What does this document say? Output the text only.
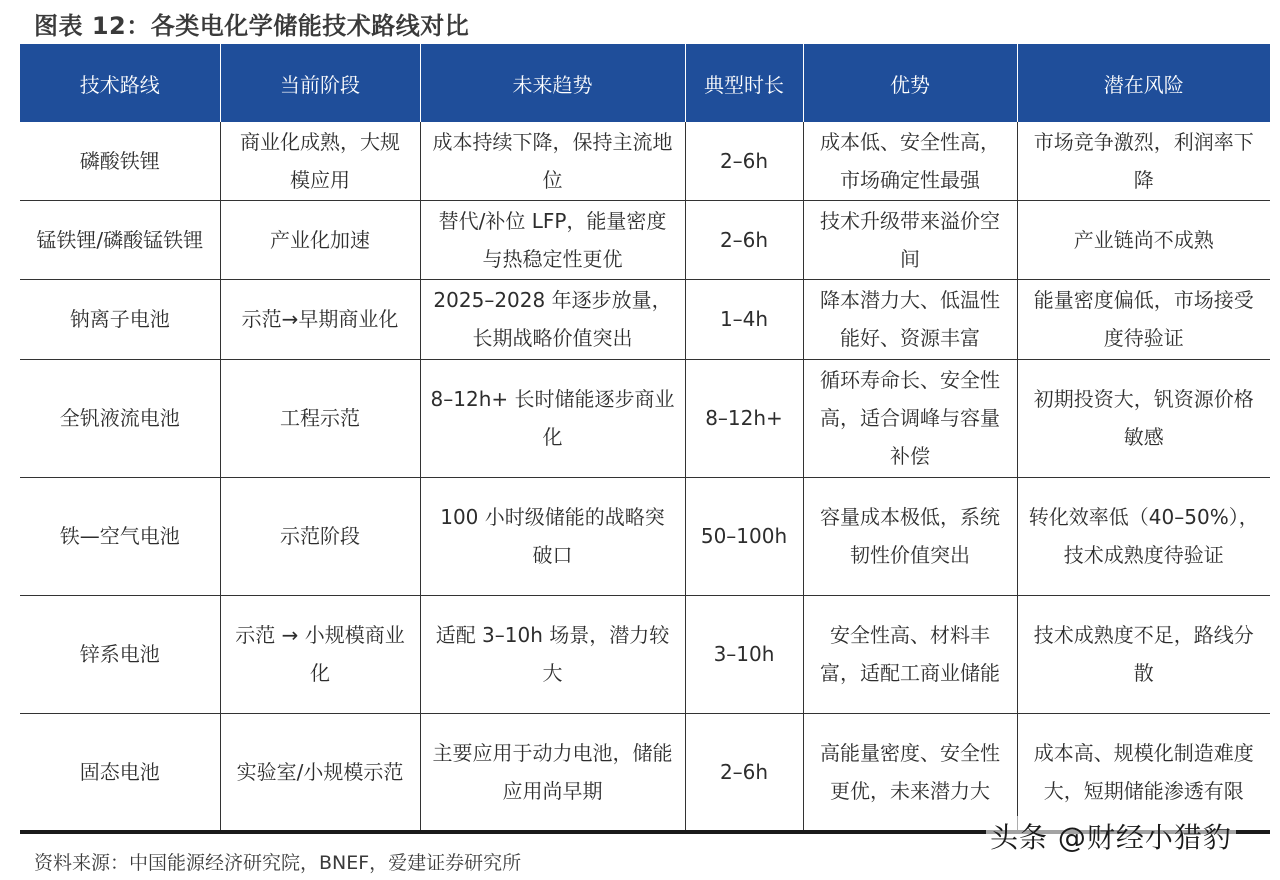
图表 12：各类电化学储能技术路线对比
技术路线	当前阶段	未来趋势	典型时长	优势	潜在风险
磷酸铁锂	商业化成熟，大规模应用	成本持续下降，保持主流地位	2–6h	成本低、安全性高，市场确定性最强	市场竞争激烈，利润率下降
锰铁锂/磷酸锰铁锂	产业化加速	替代/补位 LFP，能量密度与热稳定性更优	2–6h	技术升级带来溢价空间	产业链尚不成熟
钠离子电池	示范→早期商业化	2025–2028 年逐步放量，长期战略价值突出	1–4h	降本潜力大、低温性能好、资源丰富	能量密度偏低，市场接受度待验证
全钒液流电池	工程示范	8–12h+ 长时储能逐步商业化	8–12h+	循环寿命长、安全性高，适合调峰与容量补偿	初期投资大，钒资源价格敏感
铁—空气电池	示范阶段	100 小时级储能的战略突破口	50–100h	容量成本极低，系统韧性价值突出	转化效率低（40–50%），技术成熟度待验证
锌系电池	示范 → 小规模商业化	适配 3–10h 场景，潜力较大	3–10h	安全性高、材料丰富，适配工商业储能	技术成熟度不足，路线分散
固态电池	实验室/小规模示范	主要应用于动力电池，储能应用尚早期	2–6h	高能量密度、安全性更优，未来潜力大	成本高、规模化制造难度大，短期储能渗透有限
资料来源：中国能源经济研究院，BNEF，爱建证券研究所
头条 @财经小猎豹
